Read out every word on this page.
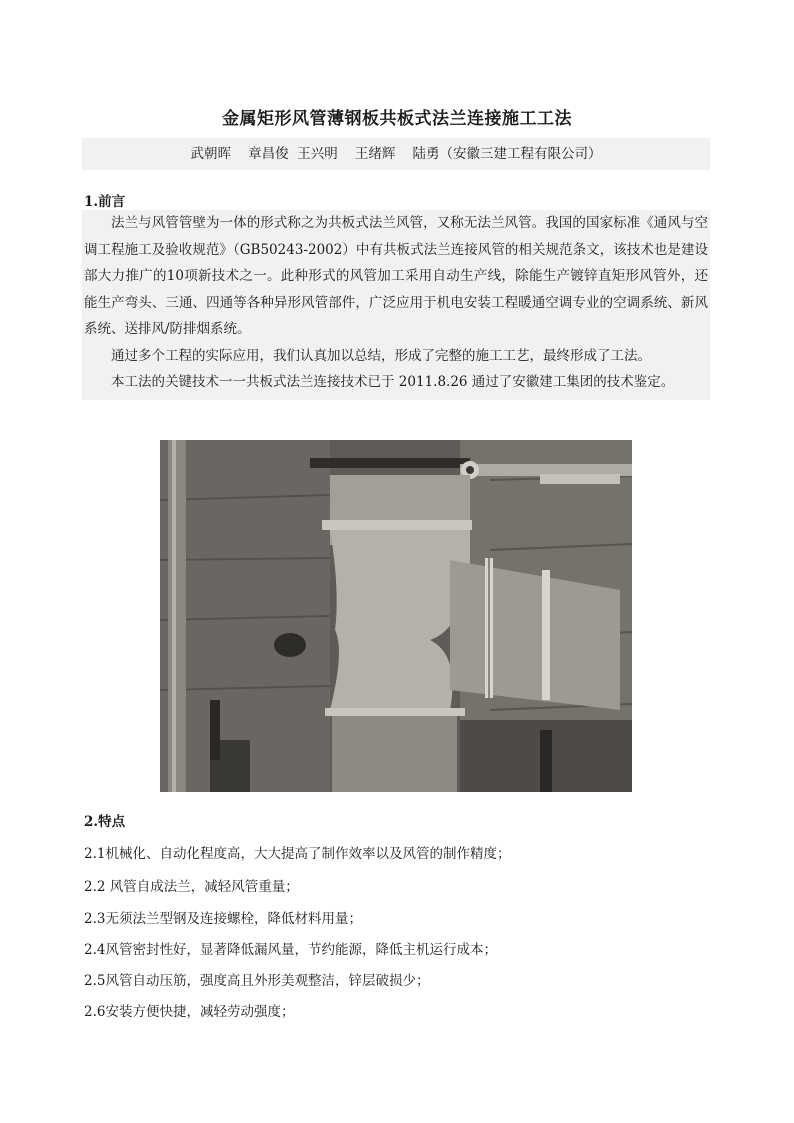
金属矩形风管薄钢板共板式法兰连接施工工法
武朝晖    章昌俊  王兴明    王绪辉    陆勇（安徽三建工程有限公司）
1.前言

法兰与风管管壁为一体的形式称之为共板式法兰风管，又称无法兰风管。我国的国家标准《通风与空调工程施工及验收规范》（GB50243-2002）中有共板式法兰连接风管的相关规范条文，该技术也是建设部大力推广的10项新技术之一。此种形式的风管加工采用自动生产线，除能生产镀锌直矩形风管外，还能生产弯头、三通、四通等各种异形风管部件，广泛应用于机电安装工程暖通空调专业的空调系统、新风系统、送排风/防排烟系统。

通过多个工程的实际应用，我们认真加以总结，形成了完整的施工工艺，最终形成了工法。

本工法的关键技术一一共板式法兰连接技术已于 2011.8.26 通过了安徽建工集团的技术鉴定。

2.特点
2.1机械化、自动化程度高，大大提高了制作效率以及风管的制作精度；
2.2 风管自成法兰，减轻风管重量；
2.3无须法兰型钢及连接螺栓，降低材料用量；
2.4风管密封性好，显著降低漏风量，节约能源，降低主机运行成本；
2.5风管自动压筋，强度高且外形美观整洁，锌层破损少；
2.6安装方便快捷，减轻劳动强度；
